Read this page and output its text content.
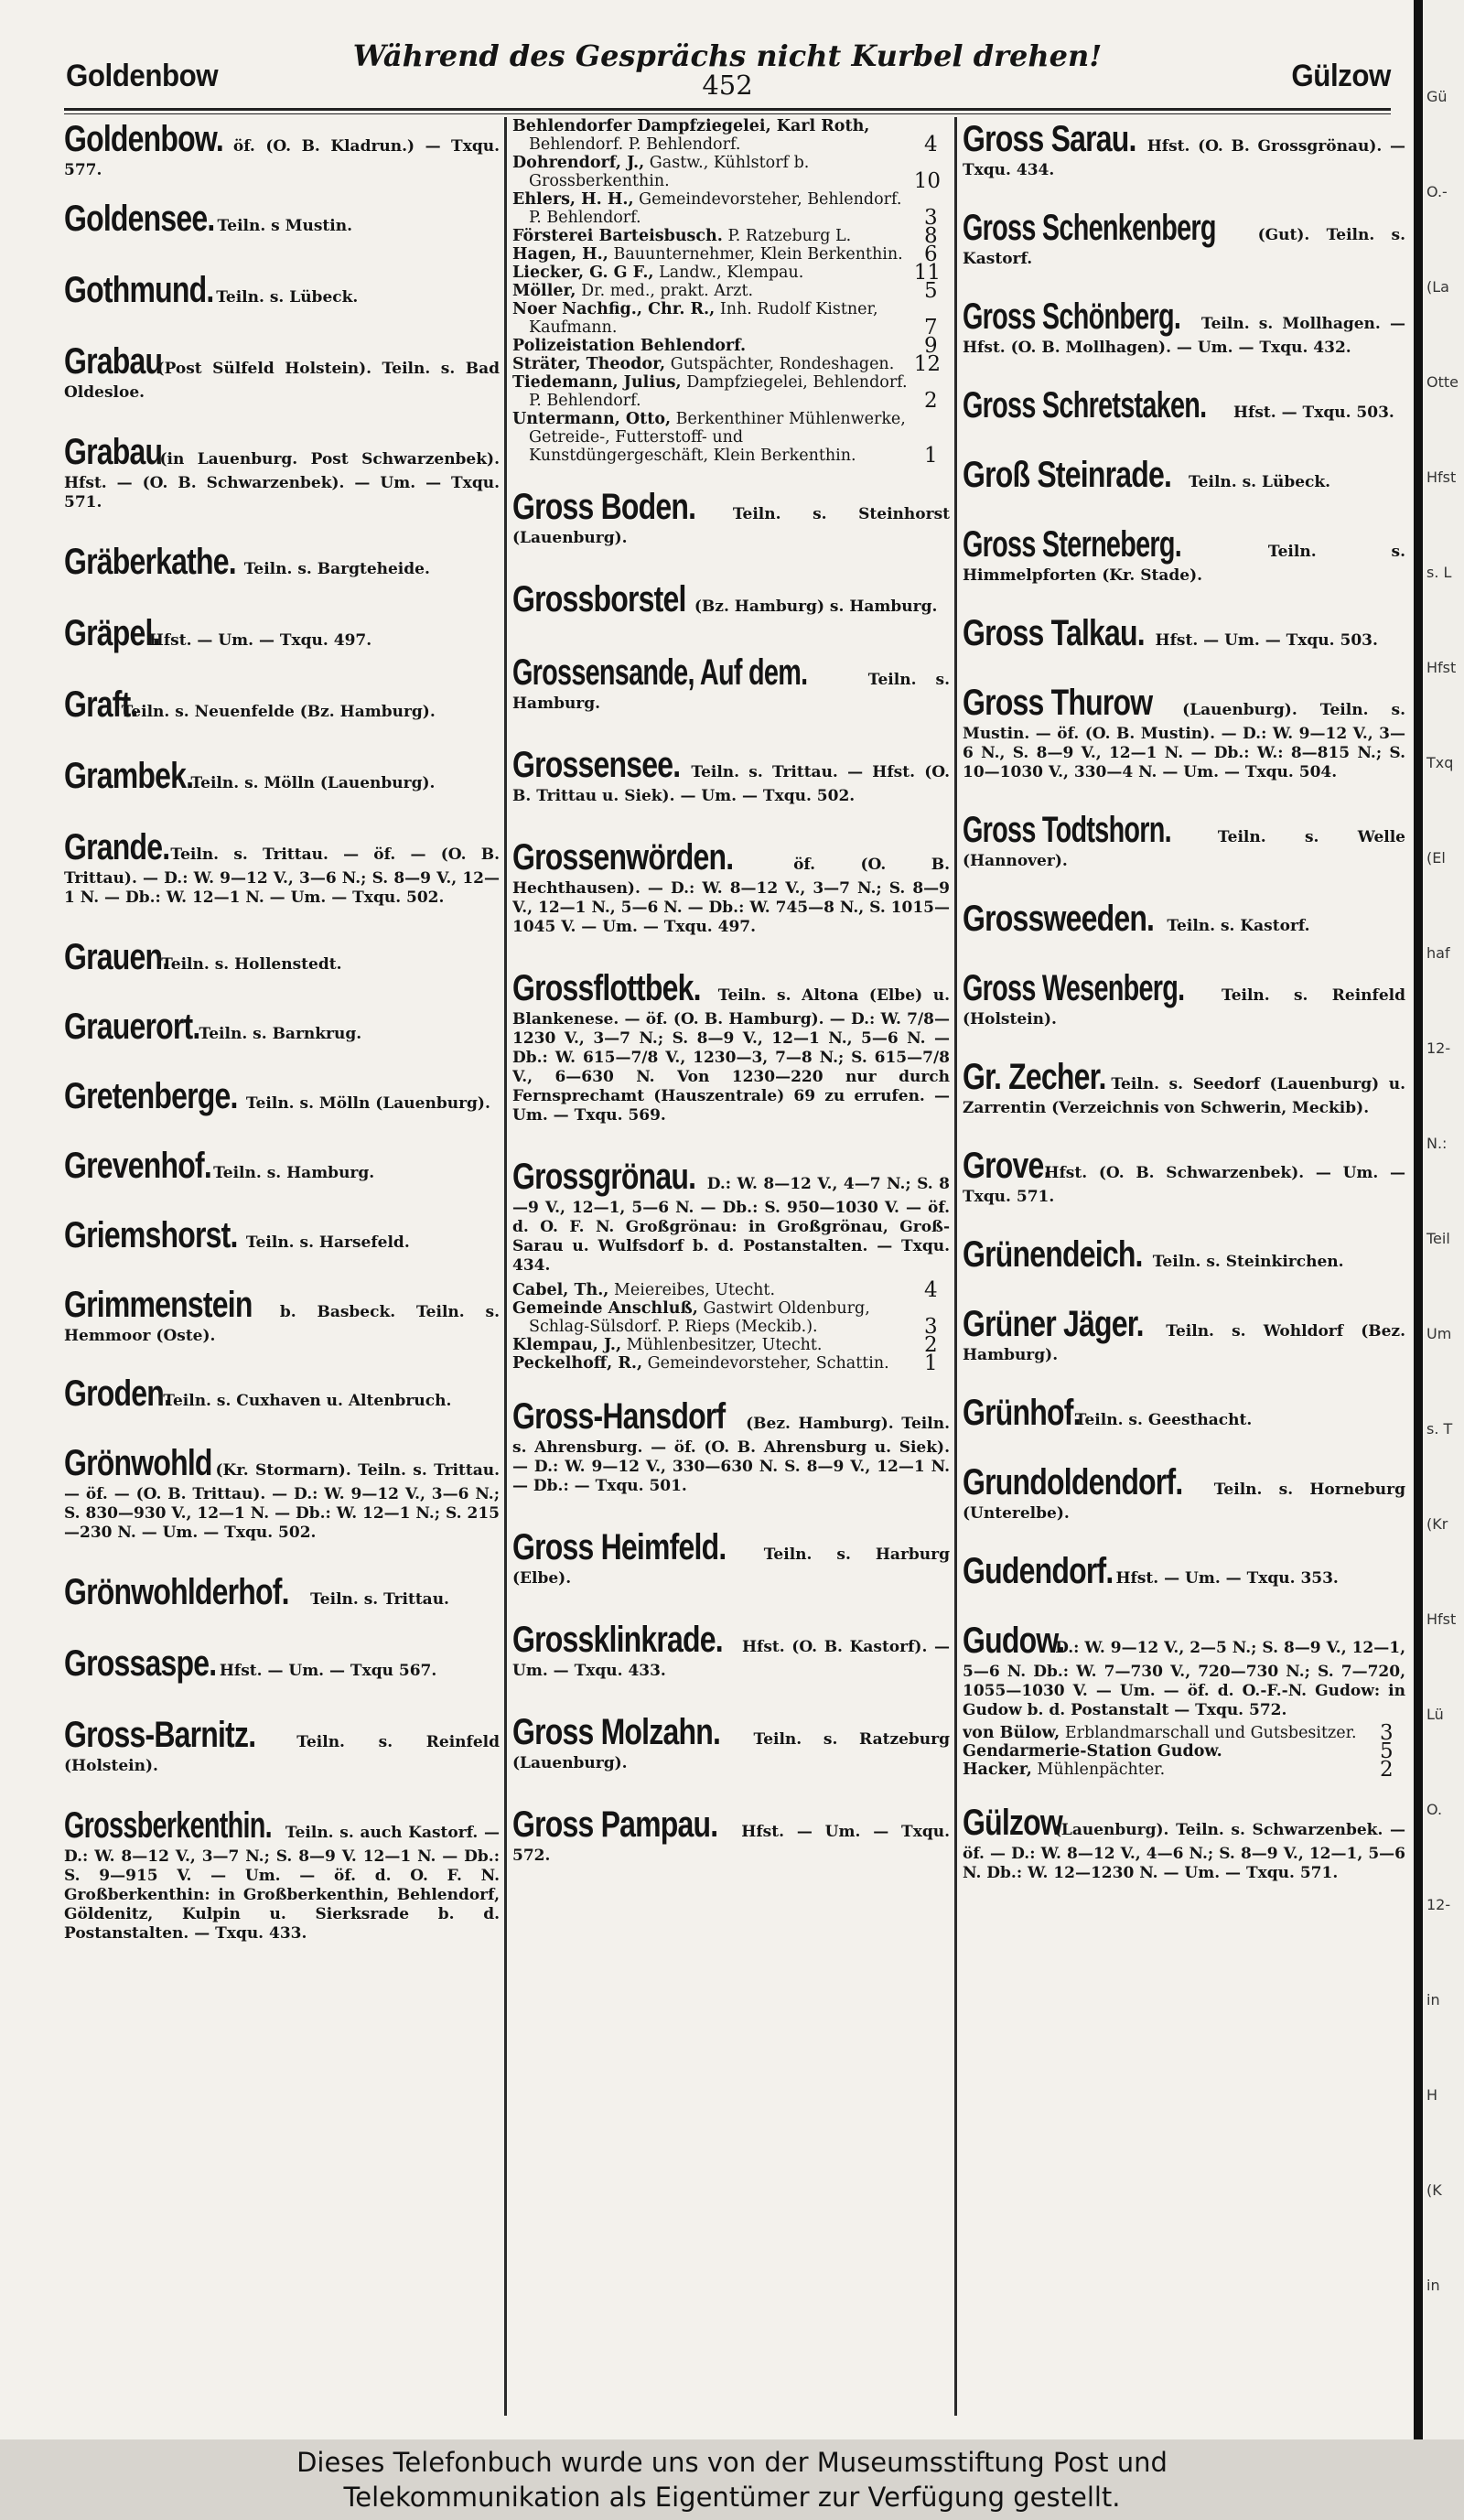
Goldenbow
Während des Gesprächs nicht Kurbel drehen!
452	Gülzow
Goldenbow. öf. (O. B. Kladrun.) — Txqu. 577.
Goldensee. Teiln. s Mustin.
Gothmund. Teiln. s. Lübeck.
Grabau (Post Sülfeld Holstein). Teiln. s. Bad Oldesloe.
Grabau (in Lauenburg. Post Schwarzenbek). Hfst. — (O. B. Schwarzenbek). — Um. — Txqu. 571.
Gräberkathe. Teiln. s. Bargteheide.
Gräpel. Hfst. — Um. — Txqu. 497.
Graft. Teiln. s. Neuenfelde (Bz. Hamburg).
Grambek. Teiln. s. Mölln (Lauenburg).
Grande. Teiln. s. Trittau. — öf. — (O. B. Trittau). — D.: W. 9—12 V., 3—6 N.; S. 8—9 V., 12—1 N. — Db.: W. 12—1 N. — Um. — Txqu. 502.
Grauen. Teiln. s. Hollenstedt.
Grauerort. Teiln. s. Barnkrug.
Gretenberge. Teiln. s. Mölln (Lauenburg).
Grevenhof. Teiln. s. Hamburg.
Griemshorst. Teiln. s. Harsefeld.
Grimmenstein b. Basbeck. Teiln. s. Hemmoor (Oste).
Groden. Teiln. s. Cuxhaven u. Altenbruch.
Grönwohld (Kr. Stormarn). Teiln. s. Trittau. — öf. — (O. B. Trittau). — D.: W. 9—12 V., 3—6 N.; S. 830—930 V., 12—1 N. — Db.: W. 12—1 N.; S. 215—230 N. — Um. — Txqu. 502.
Grönwohlderhof. Teiln. s. Trittau.
Grossaspe. Hfst. — Um. — Txqu 567.
Gross-Barnitz.	Teiln. s. Reinfeld (Holstein).
Grossberkenthin. Teiln. s. auch Kastorf. — D.: W. 8—12 V., 3—7 N.; S. 8—9 V. 12—1 N. — Db.: S. 9—915 V. — Um. — öf. d. O. F. N. Großberkenthin: in Großberkenthin, Behlendorf, Göldenitz, Kulpin u. Sierksrade b. d. Postanstalten. — Txqu. 433.
Behlendorfer Dampfziegelei, Karl Roth, Behlendorf. P. Behlendorf.	4
Dohrendorf, J., Gastw., Kühlstorf b. Grossberkenthin.	10
Ehlers, H. H., Gemeindevorsteher, Behlendorf. P. Behlendorf.	3
Försterei Barteisbusch. P. Ratzeburg L.	8
Hagen, H., Bauunternehmer, Klein Berkenthin. 6
Liecker, G. G F., Landw., Klempau.	11
Möller, Dr. med., prakt. Arzt.	5
Noer Nachfig., Chr. R., Inh. Rudolf Kistner, Kaufmann.	7
Polizeistation Behlendorf.	9
Sträter, Theodor, Gutspächter, Rondeshagen. 12
Tiedemann, Julius, Dampfziegelei, Behlendorf. P. Behlendorf.	2
Untermann, Otto, Berkenthiner Mühlenwerke, Getreide-, Futterstoff- und Kunstdüngergeschäft, Klein Berkenthin.	1
Gross Boden. Teiln. s. Steinhorst (Lauenburg).
Grossborstel (Bz. Hamburg) s. Hamburg.
Grossensande, Auf dem.	Teiln. s. Hamburg.
Grossensee. Teiln. s. Trittau. — Hfst. (O. B. Trittau u. Siek). — Um. — Txqu. 502.
Grossenwörden.	öf. (O. B. Hechthausen). — D.: W. 8—12 V., 3—7 N.; S. 8—9 V., 12—1 N., 5—6 N. — Db.: W. 745—8 N., S. 1015—1045 V. — Um. — Txqu. 497.
Grossflottbek. Teiln. s. Altona (Elbe) u. Blankenese. — öf. (O. B. Hamburg). — D.: W. 7/8—1230 V., 3—7 N.; S. 8—9 V., 12—1 N., 5—6 N. — Db.: W. 615—7/8 V., 1230—3, 7—8 N.; S. 615—7/8 V., 6—630 N. Von 1230—220 nur durch Fernsprechamt (Hauszentrale) 69 zu errufen. — Um. — Txqu. 569.
Grossgrönau. D.: W. 8—12 V., 4—7 N.; S. 8—9 V., 12—1, 5—6 N. — Db.: S. 950—1030 V. — öf. d. O. F. N. Großgrönau: in Großgrönau, Groß-Sarau u. Wulfsdorf b. d. Postanstalten. — Txqu. 434.
Cabel, Th., Meiereibes, Utecht.	4
Gemeinde Anschluß, Gastwirt Oldenburg, Schlag-Sülsdorf. P. Rieps (Meckib.).	3
Klempau, J., Mühlenbesitzer, Utecht.	2
Peckelhoff, R., Gemeindevorsteher, Schattin. 1
Gross-Hansdorf (Bez. Hamburg). Teiln. s. Ahrensburg. — öf. (O. B. Ahrensburg u. Siek). — D.: W. 9—12 V., 330—630 N. S. 8—9 V., 12—1 N. — Db.: — Txqu. 501.
Gross Heimfeld. Teiln. s. Harburg (Elbe).
Grossklinkrade. Hfst. (O. B. Kastorf). — Um. — Txqu. 433.
Gross Molzahn. Teiln. s. Ratzeburg (Lauenburg).
Gross Pampau. Hfst. — Um. — Txqu. 572.
Gross Sarau. Hfst. (O. B. Grossgrönau). — Txqu. 434.
Gross Schenkenberg	(Gut). Teiln. s. Kastorf.
Gross Schönberg. Teiln. s. Mollhagen. — Hfst. (O. B. Mollhagen). — Um. — Txqu. 432.
Gross Schretstaken. Hfst. — Txqu. 503.
Groß Steinrade. Teiln. s. Lübeck.
Gross Sterneberg.	Teiln. s. Himmelpforten (Kr. Stade).
Gross Talkau. Hfst. — Um. — Txqu. 503.
Gross Thurow (Lauenburg). Teiln. s. Mustin. — öf. (O. B. Mustin). — D.: W. 9—12 V., 3—6 N., S. 8—9 V., 12—1 N. — Db.: W.: 8—815 N.; S. 10—1030 V., 330—4 N. — Um. — Txqu. 504.
Gross Todtshorn.	Teiln. s. Welle (Hannover).
Grossweeden. Teiln. s. Kastorf.
Gross Wesenberg. Teiln. s. Reinfeld (Holstein).
Gr. Zecher. Teiln. s. Seedorf (Lauenburg) u. Zarrentin (Verzeichnis von Schwerin, Meckib).
Grove. Hfst. (O. B. Schwarzenbek). — Um. — Txqu. 571.
Grünendeich. Teiln. s. Steinkirchen.
Grüner Jäger. Teiln. s. Wohldorf (Bez. Hamburg).
Grünhof. Teiln. s. Geesthacht.
Grundoldendorf. Teiln. s. Horneburg (Unterelbe).
Gudendorf. Hfst. — Um. — Txqu. 353.
Gudow. D.: W. 9—12 V., 2—5 N.; S. 8—9 V., 12—1, 5—6 N. Db.: W. 7—730 V., 720—730 N.; S. 7—720, 1055—1030 V. — Um. — öf. d. O.-F.-N. Gudow: in Gudow b. d. Postanstalt — Txqu. 572.
von Bülow, Erblandmarschall und Gutsbesitzer. 3
Gendarmerie-Station Gudow.	5
Hacker, Mühlenpächter.	2
Gülzow (Lauenburg). Teiln. s. Schwarzenbek. — öf. — D.: W. 8—12 V., 4—6 N.; S. 8—9 V., 12—1, 5—6 N. Db.: W. 12—1230 N. — Um. — Txqu. 571.
Gü
O.-
(La
Otte
Hfst
s. L
Hfst
Txq
(El
haf
12-
N.:
Teil
Um
s. T
(Kr
Hfst
Lü
O.
12-
in
H
(K
in
Dieses Telefonbuch wurde uns von der Museumsstiftung Post und
Telekommunikation als Eigentümer zur Verfügung gestellt.
